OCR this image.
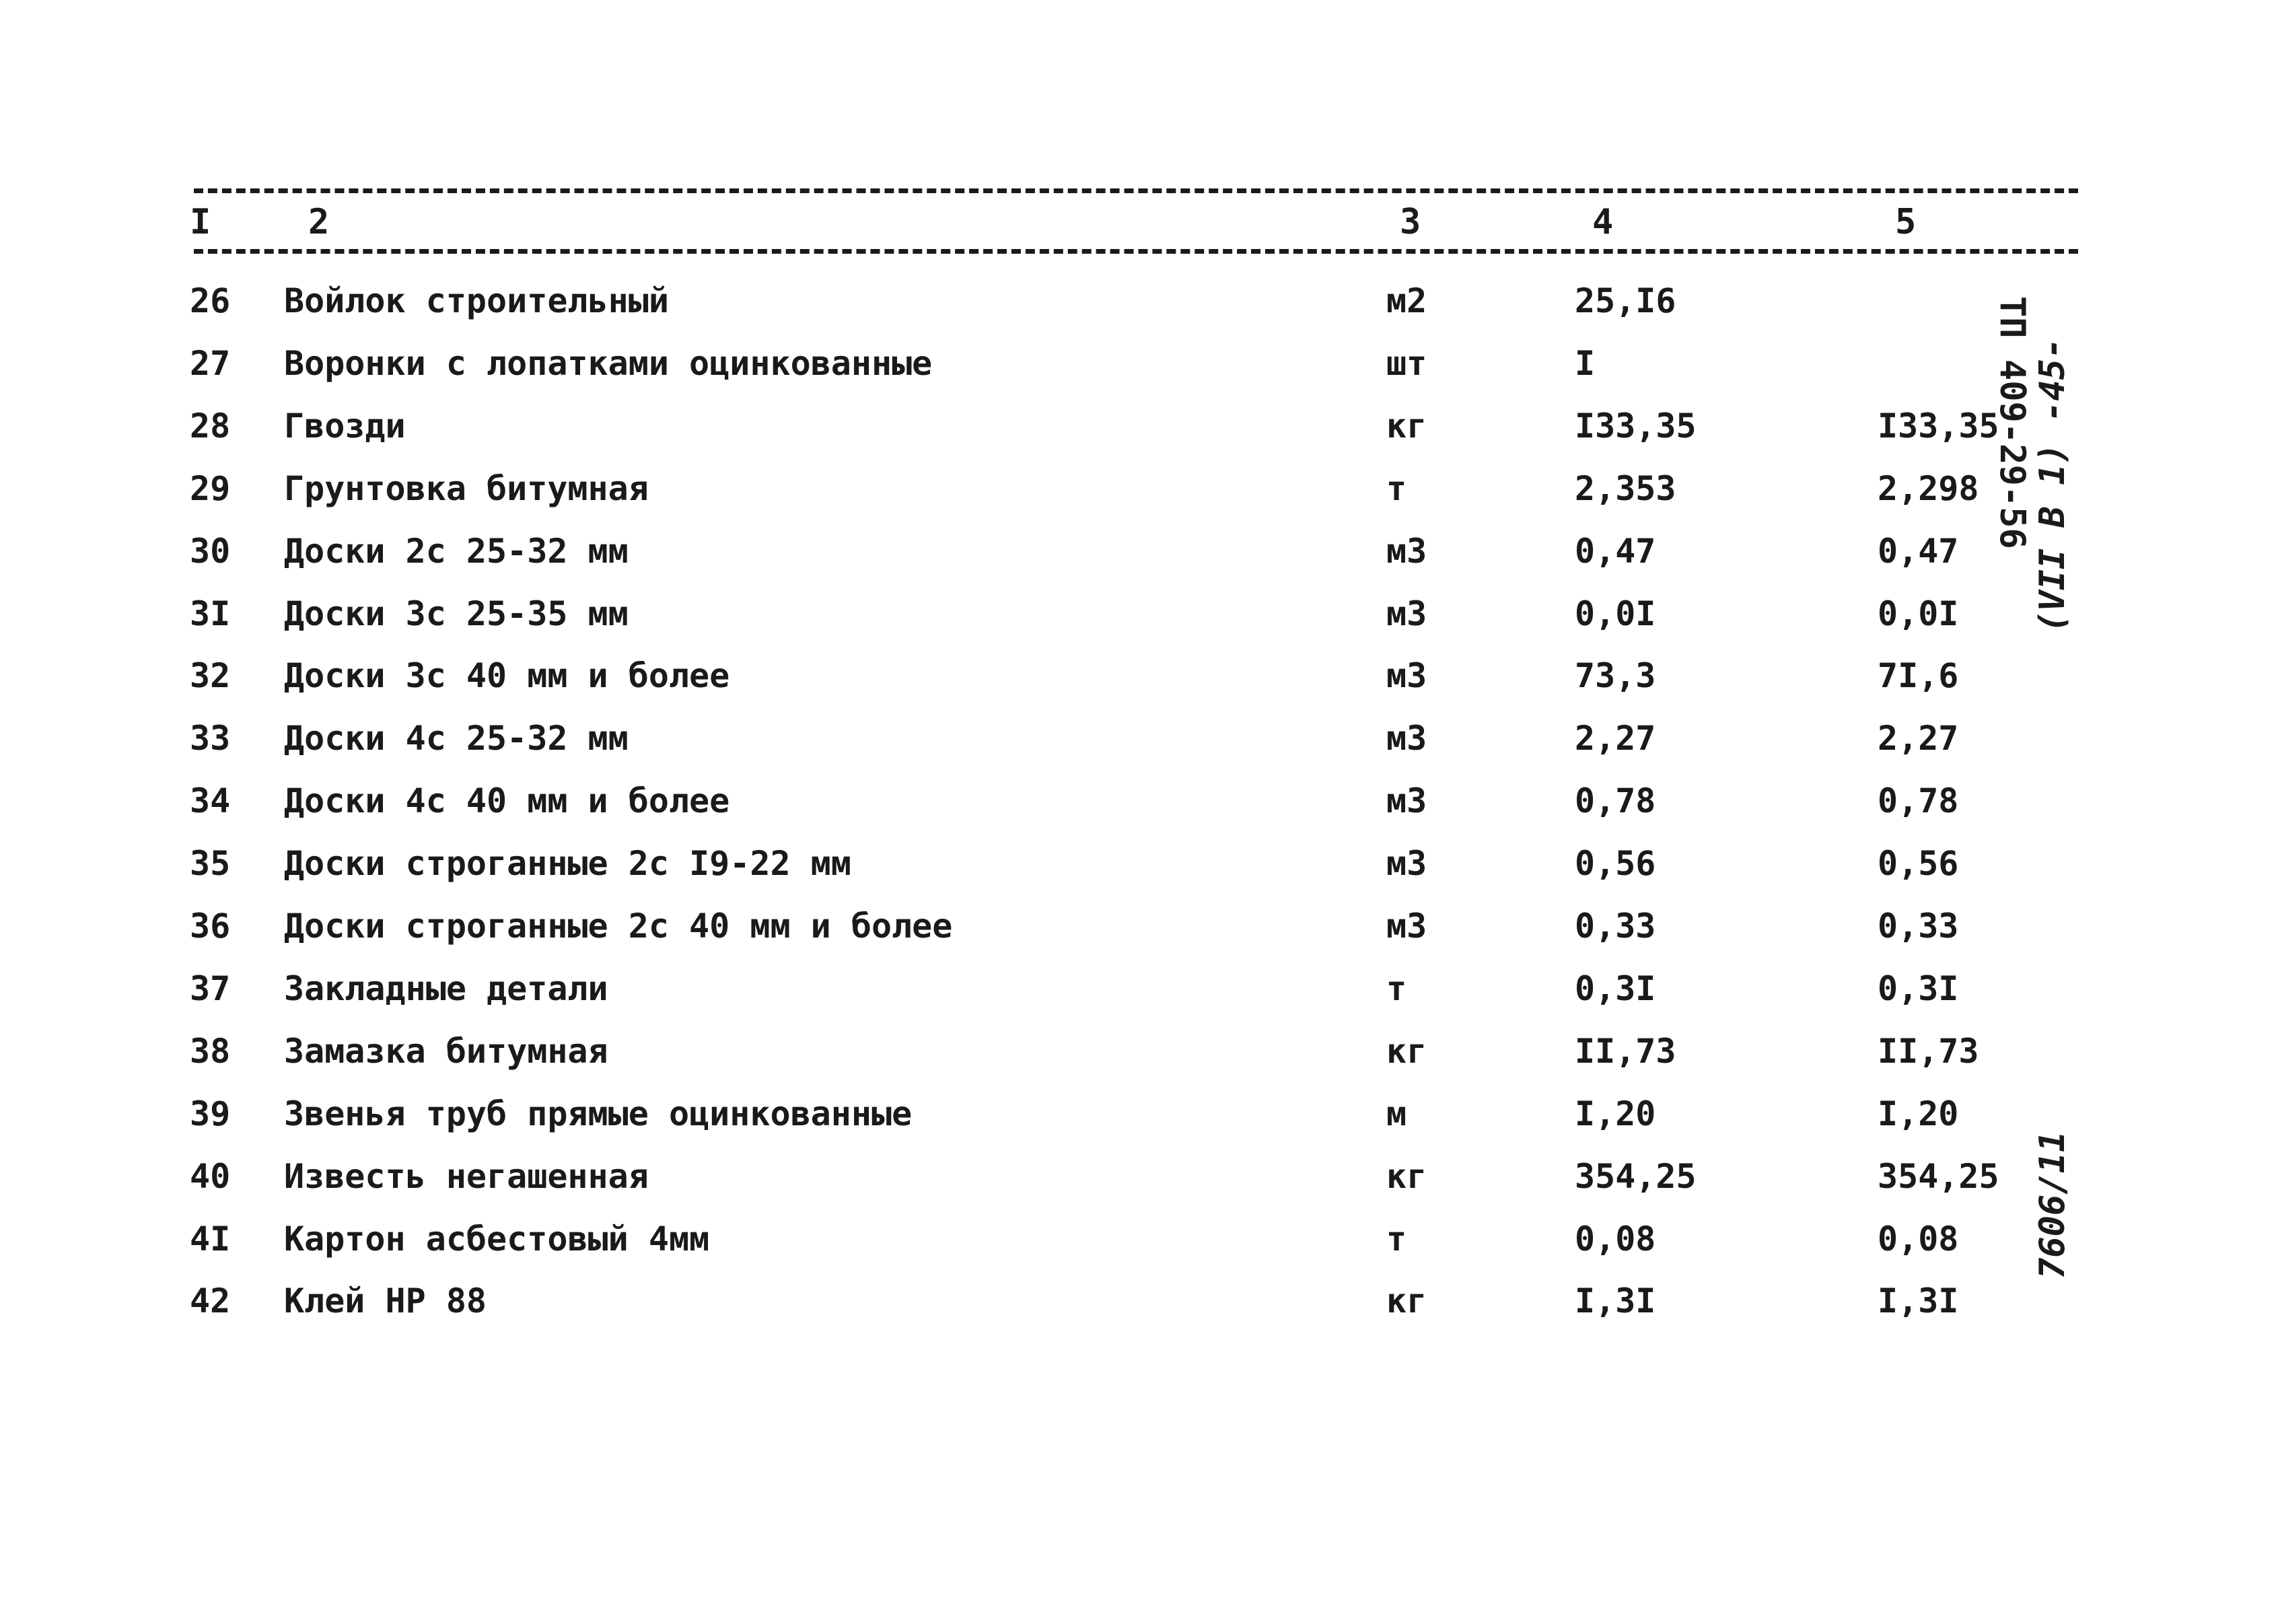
I	2	3	4	5
26 Войлок строительный	м2	25,I6
27 Воронки с лопатками оцинкованные	шт	I
28 Гвозди	кг	I33,35	I33,35
29 Грунтовка битумная	т	2,353	2,298
30 Доски 2с 25-32 мм	м3	0,47	0,47
3I Доски 3с 25-35 мм	м3	0,0I	0,0I
32 Доски 3с 40 мм и более	м3	73,3	7I,6
33 Доски 4с 25-32 мм	м3	2,27	2,27
34 Доски 4с 40 мм и более	м3	0,78	0,78
35 Доски строганные 2с I9-22 мм	м3	0,56	0,56
36 Доски строганные 2с 40 мм и более	м3	0,33	0,33
37 Закладные детали	т	0,3I	0,3I
38 Замазка битумная	кг	II,73	II,73
39 Звенья труб прямые оцинкованные	м	I,20	I,20
40 Известь негашенная	кг	354,25	354,25
4I Картон асбестовый 4мм	т	0,08	0,08
42 Клей НР 88	кг	I,3I	I,3I
ТП 409-29-56 (VII В 1) -45-
7606/11
